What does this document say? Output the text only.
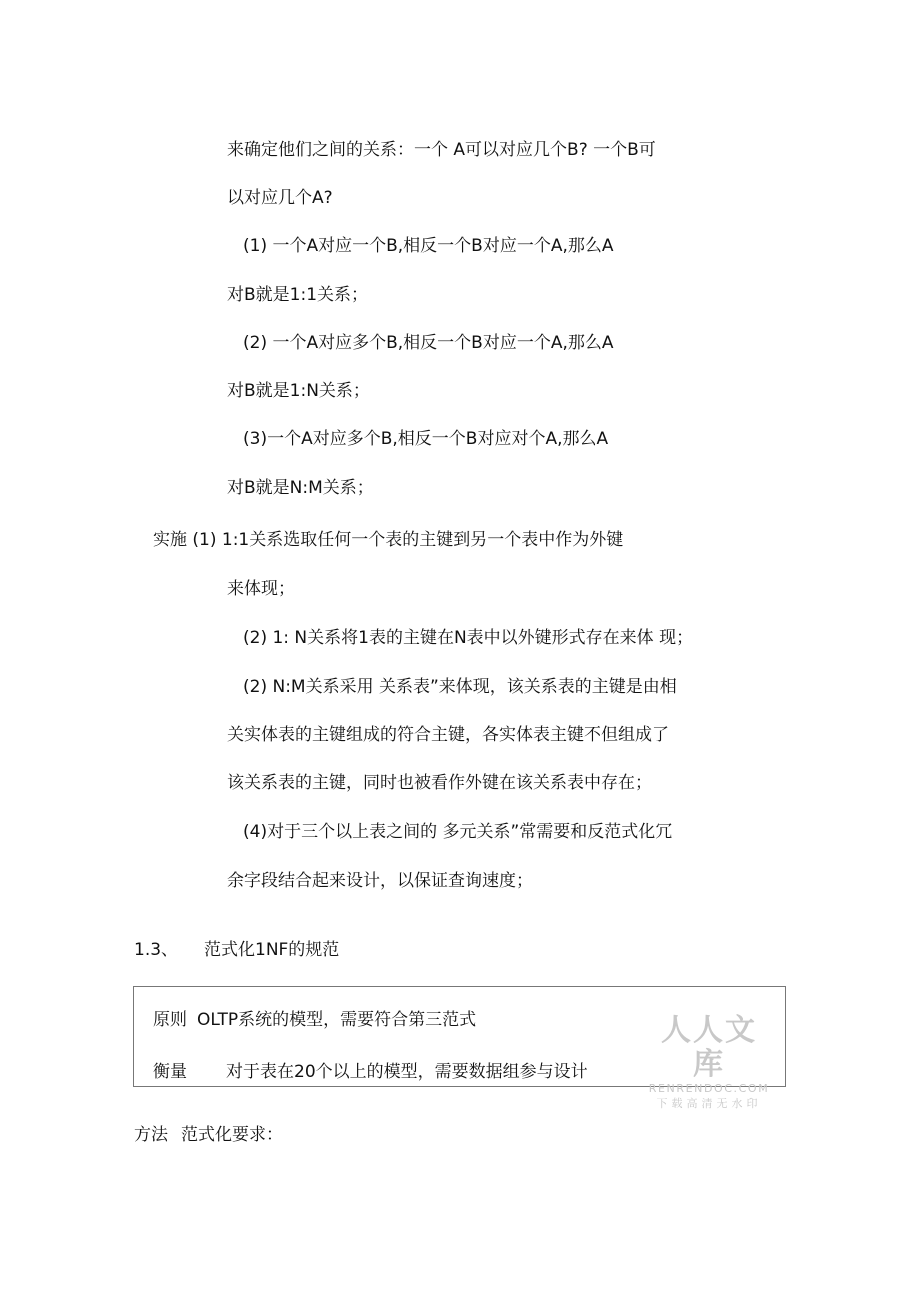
来确定他们之间的关系：一个 A可以对应几个B? 一个B可
以对应几个A?
(1) 一个A对应一个B,相反一个B对应一个A,那么A
对B就是1:1关系；
(2) 一个A对应多个B,相反一个B对应一个A,那么A
对B就是1:N关系；
(3)一个A对应多个B,相反一个B对应对个A,那么A
对B就是N:M关系；
实施 (1) 1:1关系选取任何一个表的主键到另一个表中作为外键
来体现；
(2) 1: N关系将1表的主键在N表中以外键形式存在来体 现；
(2) N:M关系采用 关系表”来体现，该关系表的主键是由相
关实体表的主键组成的符合主键，各实体表主键不但组成了
该关系表的主键，同时也被看作外键在该关系表中存在；
(4)对于三个以上表之间的 多元关系”常需要和反范式化冗
余字段结合起来设计，以保证查询速度；
1.3、 范式化1NF的规范
原则 OLTP系统的模型，需要符合第三范式
衡量 对于表在20个以上的模型，需要数据组参与设计
人人文库
RENRENDOC.COM
下载高清无水印
方法 范式化要求：
